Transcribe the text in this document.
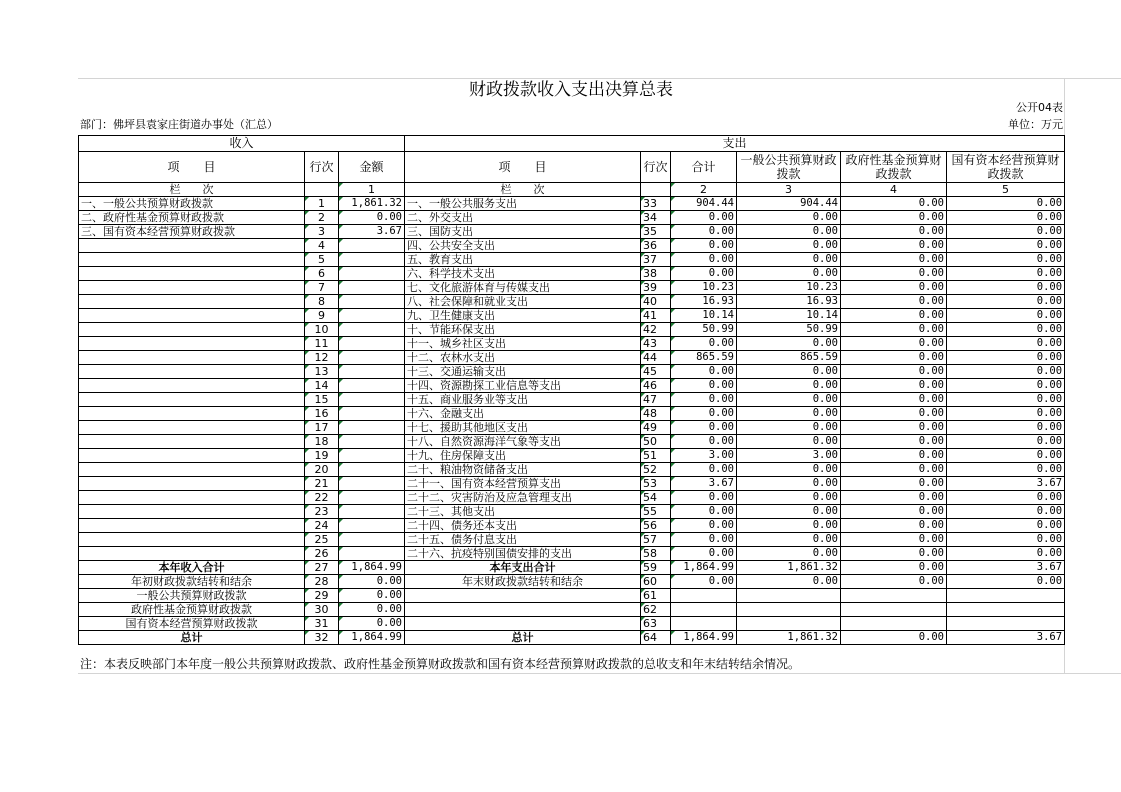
财政拨款收入支出决算总表
公开04表
部门：佛坪县袁家庄街道办事处（汇总）	单位：万元
收入			支出					
项　　目	行次	金额	项　　目	行次	合计	一般公共预算财政拨款	政府性基金预算财政拨款	国有资本经营预算财政拨款
栏　　次		1	栏　　次		2	3	4	5
一、一般公共预算财政拨款	1	1,861.32	一、一般公共服务支出	33	904.44	904.44	0.00	0.00
二、政府性基金预算财政拨款	2	0.00	二、外交支出	34	0.00	0.00	0.00	0.00
三、国有资本经营预算财政拨款	3	3.67	三、国防支出	35	0.00	0.00	0.00	0.00
	4		四、公共安全支出	36	0.00	0.00	0.00	0.00
	5		五、教育支出	37	0.00	0.00	0.00	0.00
	6		六、科学技术支出	38	0.00	0.00	0.00	0.00
	7		七、文化旅游体育与传媒支出	39	10.23	10.23	0.00	0.00
	8		八、社会保障和就业支出	40	16.93	16.93	0.00	0.00
	9		九、卫生健康支出	41	10.14	10.14	0.00	0.00
	10		十、节能环保支出	42	50.99	50.99	0.00	0.00
	11		十一、城乡社区支出	43	0.00	0.00	0.00	0.00
	12		十二、农林水支出	44	865.59	865.59	0.00	0.00
	13		十三、交通运输支出	45	0.00	0.00	0.00	0.00
	14		十四、资源勘探工业信息等支出	46	0.00	0.00	0.00	0.00
	15		十五、商业服务业等支出	47	0.00	0.00	0.00	0.00
	16		十六、金融支出	48	0.00	0.00	0.00	0.00
	17		十七、援助其他地区支出	49	0.00	0.00	0.00	0.00
	18		十八、自然资源海洋气象等支出	50	0.00	0.00	0.00	0.00
	19		十九、住房保障支出	51	3.00	3.00	0.00	0.00
	20		二十、粮油物资储备支出	52	0.00	0.00	0.00	0.00
	21		二十一、国有资本经营预算支出	53	3.67	0.00	0.00	3.67
	22		二十二、灾害防治及应急管理支出	54	0.00	0.00	0.00	0.00
	23		二十三、其他支出	55	0.00	0.00	0.00	0.00
	24		二十四、债务还本支出	56	0.00	0.00	0.00	0.00
	25		二十五、债务付息支出	57	0.00	0.00	0.00	0.00
	26		二十六、抗疫特别国债安排的支出	58	0.00	0.00	0.00	0.00
本年收入合计	27	1,864.99	本年支出合计	59	1,864.99	1,861.32	0.00	3.67
年初财政拨款结转和结余	28	0.00	年末财政拨款结转和结余	60	0.00	0.00	0.00	0.00
一般公共预算财政拨款	29	0.00		61				
政府性基金预算财政拨款	30	0.00		62				
国有资本经营预算财政拨款	31	0.00		63				
总计	32	1,864.99	总计	64	1,864.99	1,861.32	0.00	3.67
注：本表反映部门本年度一般公共预算财政拨款、政府性基金预算财政拨款和国有资本经营预算财政拨款的总收支和年末结转结余情况。
